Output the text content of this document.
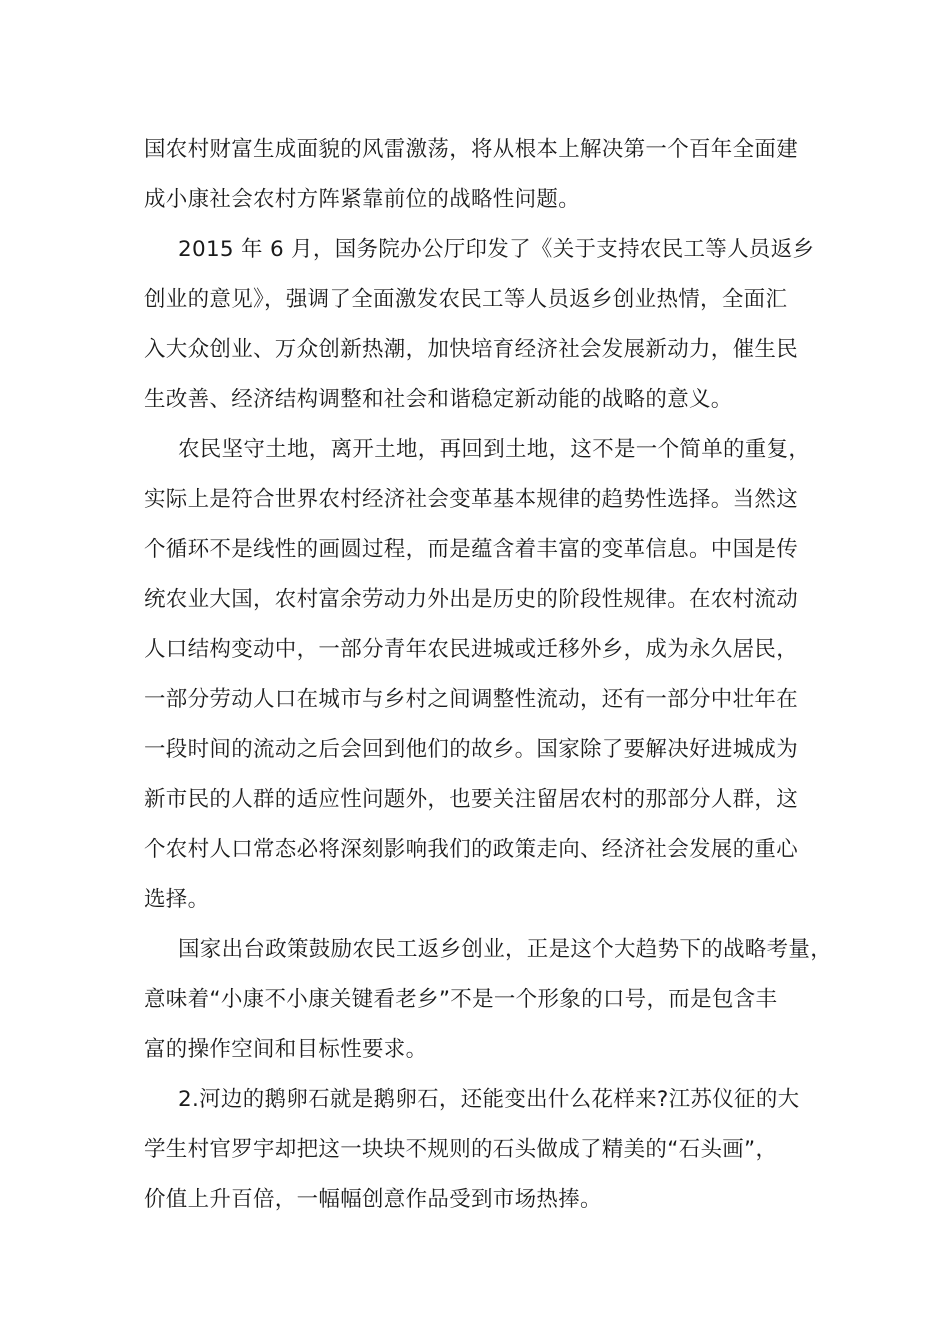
国农村财富生成面貌的风雷激荡，将从根本上解决第一个百年全面建

成小康社会农村方阵紧靠前位的战略性问题。

2015 年 6 月，国务院办公厅印发了《关于支持农民工等人员返乡

创业的意见》，强调了全面激发农民工等人员返乡创业热情，全面汇

入大众创业、万众创新热潮，加快培育经济社会发展新动力，催生民

生改善、经济结构调整和社会和谐稳定新动能的战略的意义。

农民坚守土地，离开土地，再回到土地，这不是一个简单的重复，

实际上是符合世界农村经济社会变革基本规律的趋势性选择。当然这

个循环不是线性的画圆过程，而是蕴含着丰富的变革信息。中国是传

统农业大国，农村富余劳动力外出是历史的阶段性规律。在农村流动

人口结构变动中，一部分青年农民进城或迁移外乡，成为永久居民，

一部分劳动人口在城市与乡村之间调整性流动，还有一部分中壮年在

一段时间的流动之后会回到他们的故乡。国家除了要解决好进城成为

新市民的人群的适应性问题外，也要关注留居农村的那部分人群，这

个农村人口常态必将深刻影响我们的政策走向、经济社会发展的重心

选择。

国家出台政策鼓励农民工返乡创业，正是这个大趋势下的战略考量，

意味着“小康不小康关键看老乡”不是一个形象的口号，而是包含丰

富的操作空间和目标性要求。

2.河边的鹅卵石就是鹅卵石，还能变出什么花样来?江苏仪征的大

学生村官罗宇却把这一块块不规则的石头做成了精美的“石头画”，

价值上升百倍，一幅幅创意作品受到市场热捧。
